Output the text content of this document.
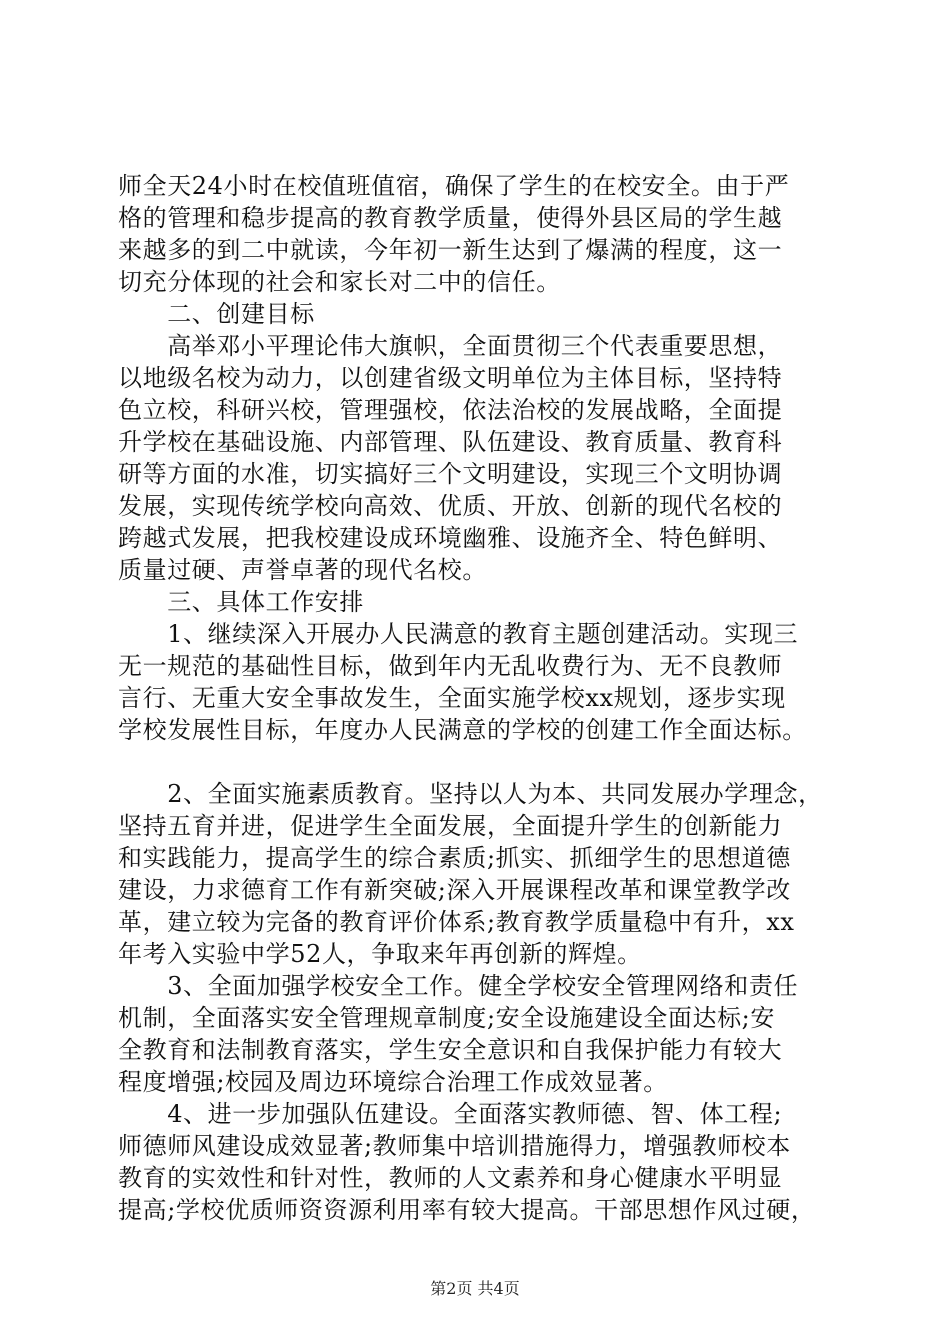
师全天24小时在校值班值宿，确保了学生的在校安全。由于严
格的管理和稳步提高的教育教学质量，使得外县区局的学生越
来越多的到二中就读，今年初一新生达到了爆满的程度，这一
切充分体现的社会和家长对二中的信任。
　　二、创建目标
　　高举邓小平理论伟大旗帜，全面贯彻三个代表重要思想，
以地级名校为动力，以创建省级文明单位为主体目标，坚持特
色立校，科研兴校，管理强校，依法治校的发展战略，全面提
升学校在基础设施、内部管理、队伍建设、教育质量、教育科
研等方面的水准，切实搞好三个文明建设，实现三个文明协调
发展，实现传统学校向高效、优质、开放、创新的现代名校的
跨越式发展，把我校建设成环境幽雅、设施齐全、特色鲜明、
质量过硬、声誉卓著的现代名校。
　　三、具体工作安排
　　1、继续深入开展办人民满意的教育主题创建活动。实现三
无一规范的基础性目标，做到年内无乱收费行为、无不良教师
言行、无重大安全事故发生，全面实施学校xx规划，逐步实现
学校发展性目标，年度办人民满意的学校的创建工作全面达标。
　　2、全面实施素质教育。坚持以人为本、共同发展办学理念，
坚持五育并进，促进学生全面发展，全面提升学生的创新能力
和实践能力，提高学生的综合素质;抓实、抓细学生的思想道德
建设，力求德育工作有新突破;深入开展课程改革和课堂教学改
革，建立较为完备的教育评价体系;教育教学质量稳中有升，xx
年考入实验中学52人，争取来年再创新的辉煌。
　　3、全面加强学校安全工作。健全学校安全管理网络和责任
机制，全面落实安全管理规章制度;安全设施建设全面达标;安
全教育和法制教育落实，学生安全意识和自我保护能力有较大
程度增强;校园及周边环境综合治理工作成效显著。
　　4、进一步加强队伍建设。全面落实教师德、智、体工程;
师德师风建设成效显著;教师集中培训措施得力，增强教师校本
教育的实效性和针对性，教师的人文素养和身心健康水平明显
提高;学校优质师资资源利用率有较大提高。干部思想作风过硬，
第2页 共4页
